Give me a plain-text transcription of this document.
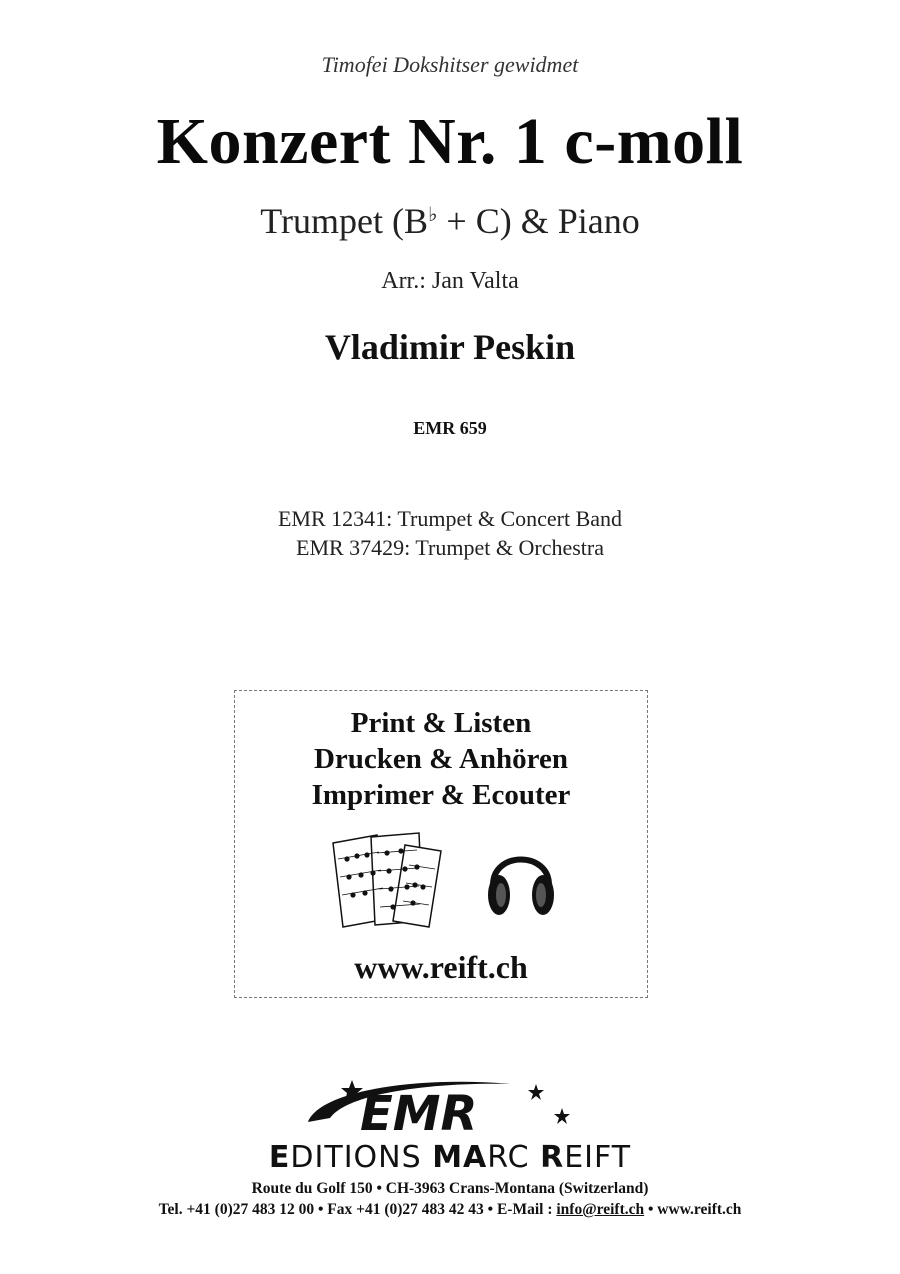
Timofei Dokshitser gewidmet
Konzert Nr. 1 c-moll
Trumpet (B♭ + C) & Piano
Arr.: Jan Valta
Vladimir Peskin
EMR 659
EMR 12341: Trumpet & Concert Band
EMR 37429: Trumpet & Orchestra
Print & Listen
Drucken & Anhören
Imprimer & Ecouter
www.reift.ch
EMR
EDITIONS MARC REIFT
Route du Golf 150 • CH-3963 Crans-Montana (Switzerland)
Tel. +41 (0)27 483 12 00 • Fax +41 (0)27 483 42 43 • E-Mail : info@reift.ch • www.reift.ch
